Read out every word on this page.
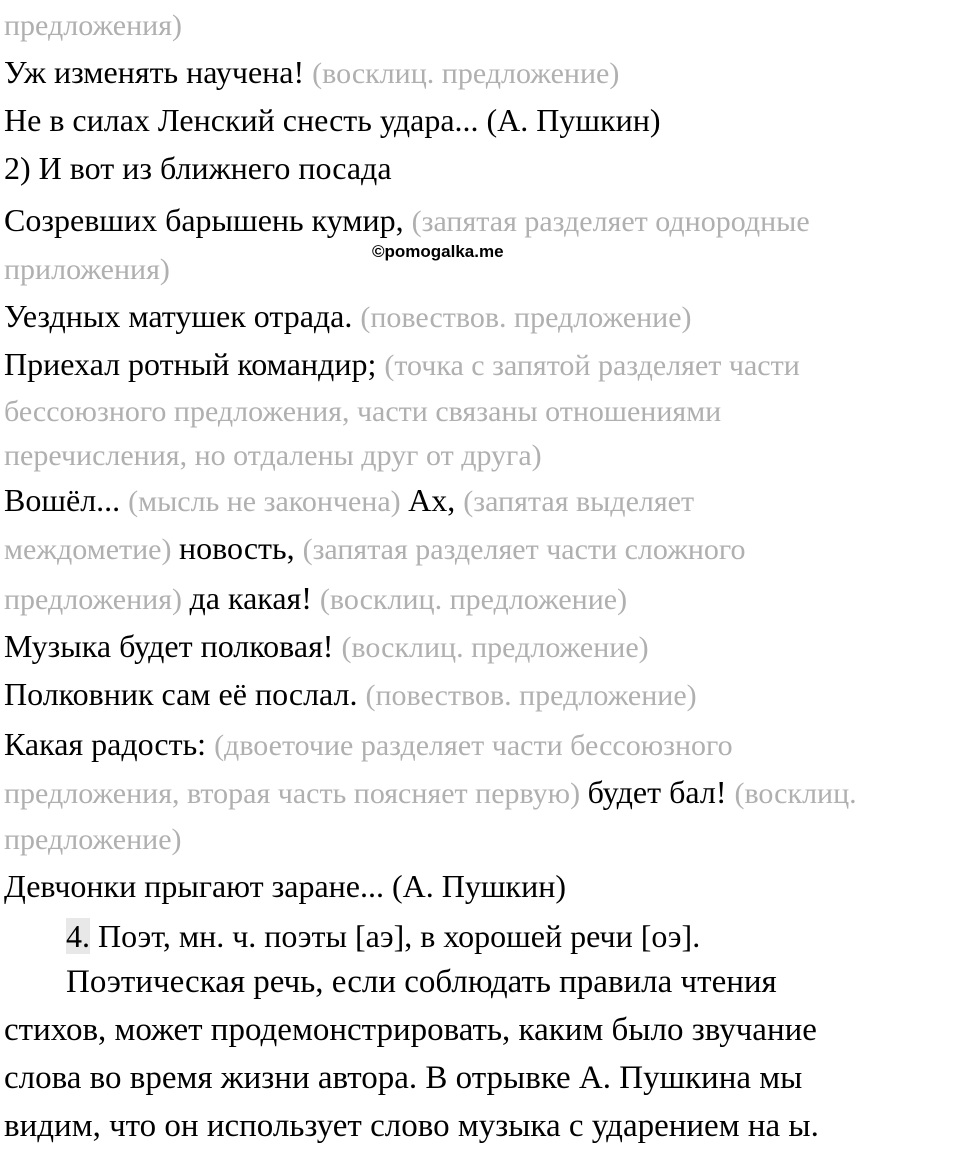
предложения)
Уж изменять научена! (восклиц. предложение)
Не в силах Ленский снесть удара... (А. Пушкин)
2) И вот из ближнего посада
Созревших барышень кумир, (запятая разделяет однородные
приложения)
Уездных матушек отрада. (повествов. предложение)
Приехал ротный командир; (точка с запятой разделяет части
бессоюзного предложения, части связаны отношениями
перечисления, но отдалены друг от друга)
Вошёл... (мысль не закончена) Ах, (запятая выделяет
междометие) новость, (запятая разделяет части сложного
предложения) да какая! (восклиц. предложение)
Музыка будет полковая! (восклиц. предложение)
Полковник сам её послал. (повествов. предложение)
Какая радость: (двоеточие разделяет части бессоюзного
предложения, вторая часть поясняет первую) будет бал! (восклиц.
предложение)
Девчонки прыгают заране... (А. Пушкин)
©pomogalka.me
4. Поэт, мн. ч. поэты [аэ], в хорошей речи [оэ].
Поэтическая речь, если соблюдать правила чтения
стихов, может продемонстрировать, каким было звучание
слова во время жизни автора. В отрывке А. Пушкина мы
видим, что он использует слово музыка с ударением на ы.
